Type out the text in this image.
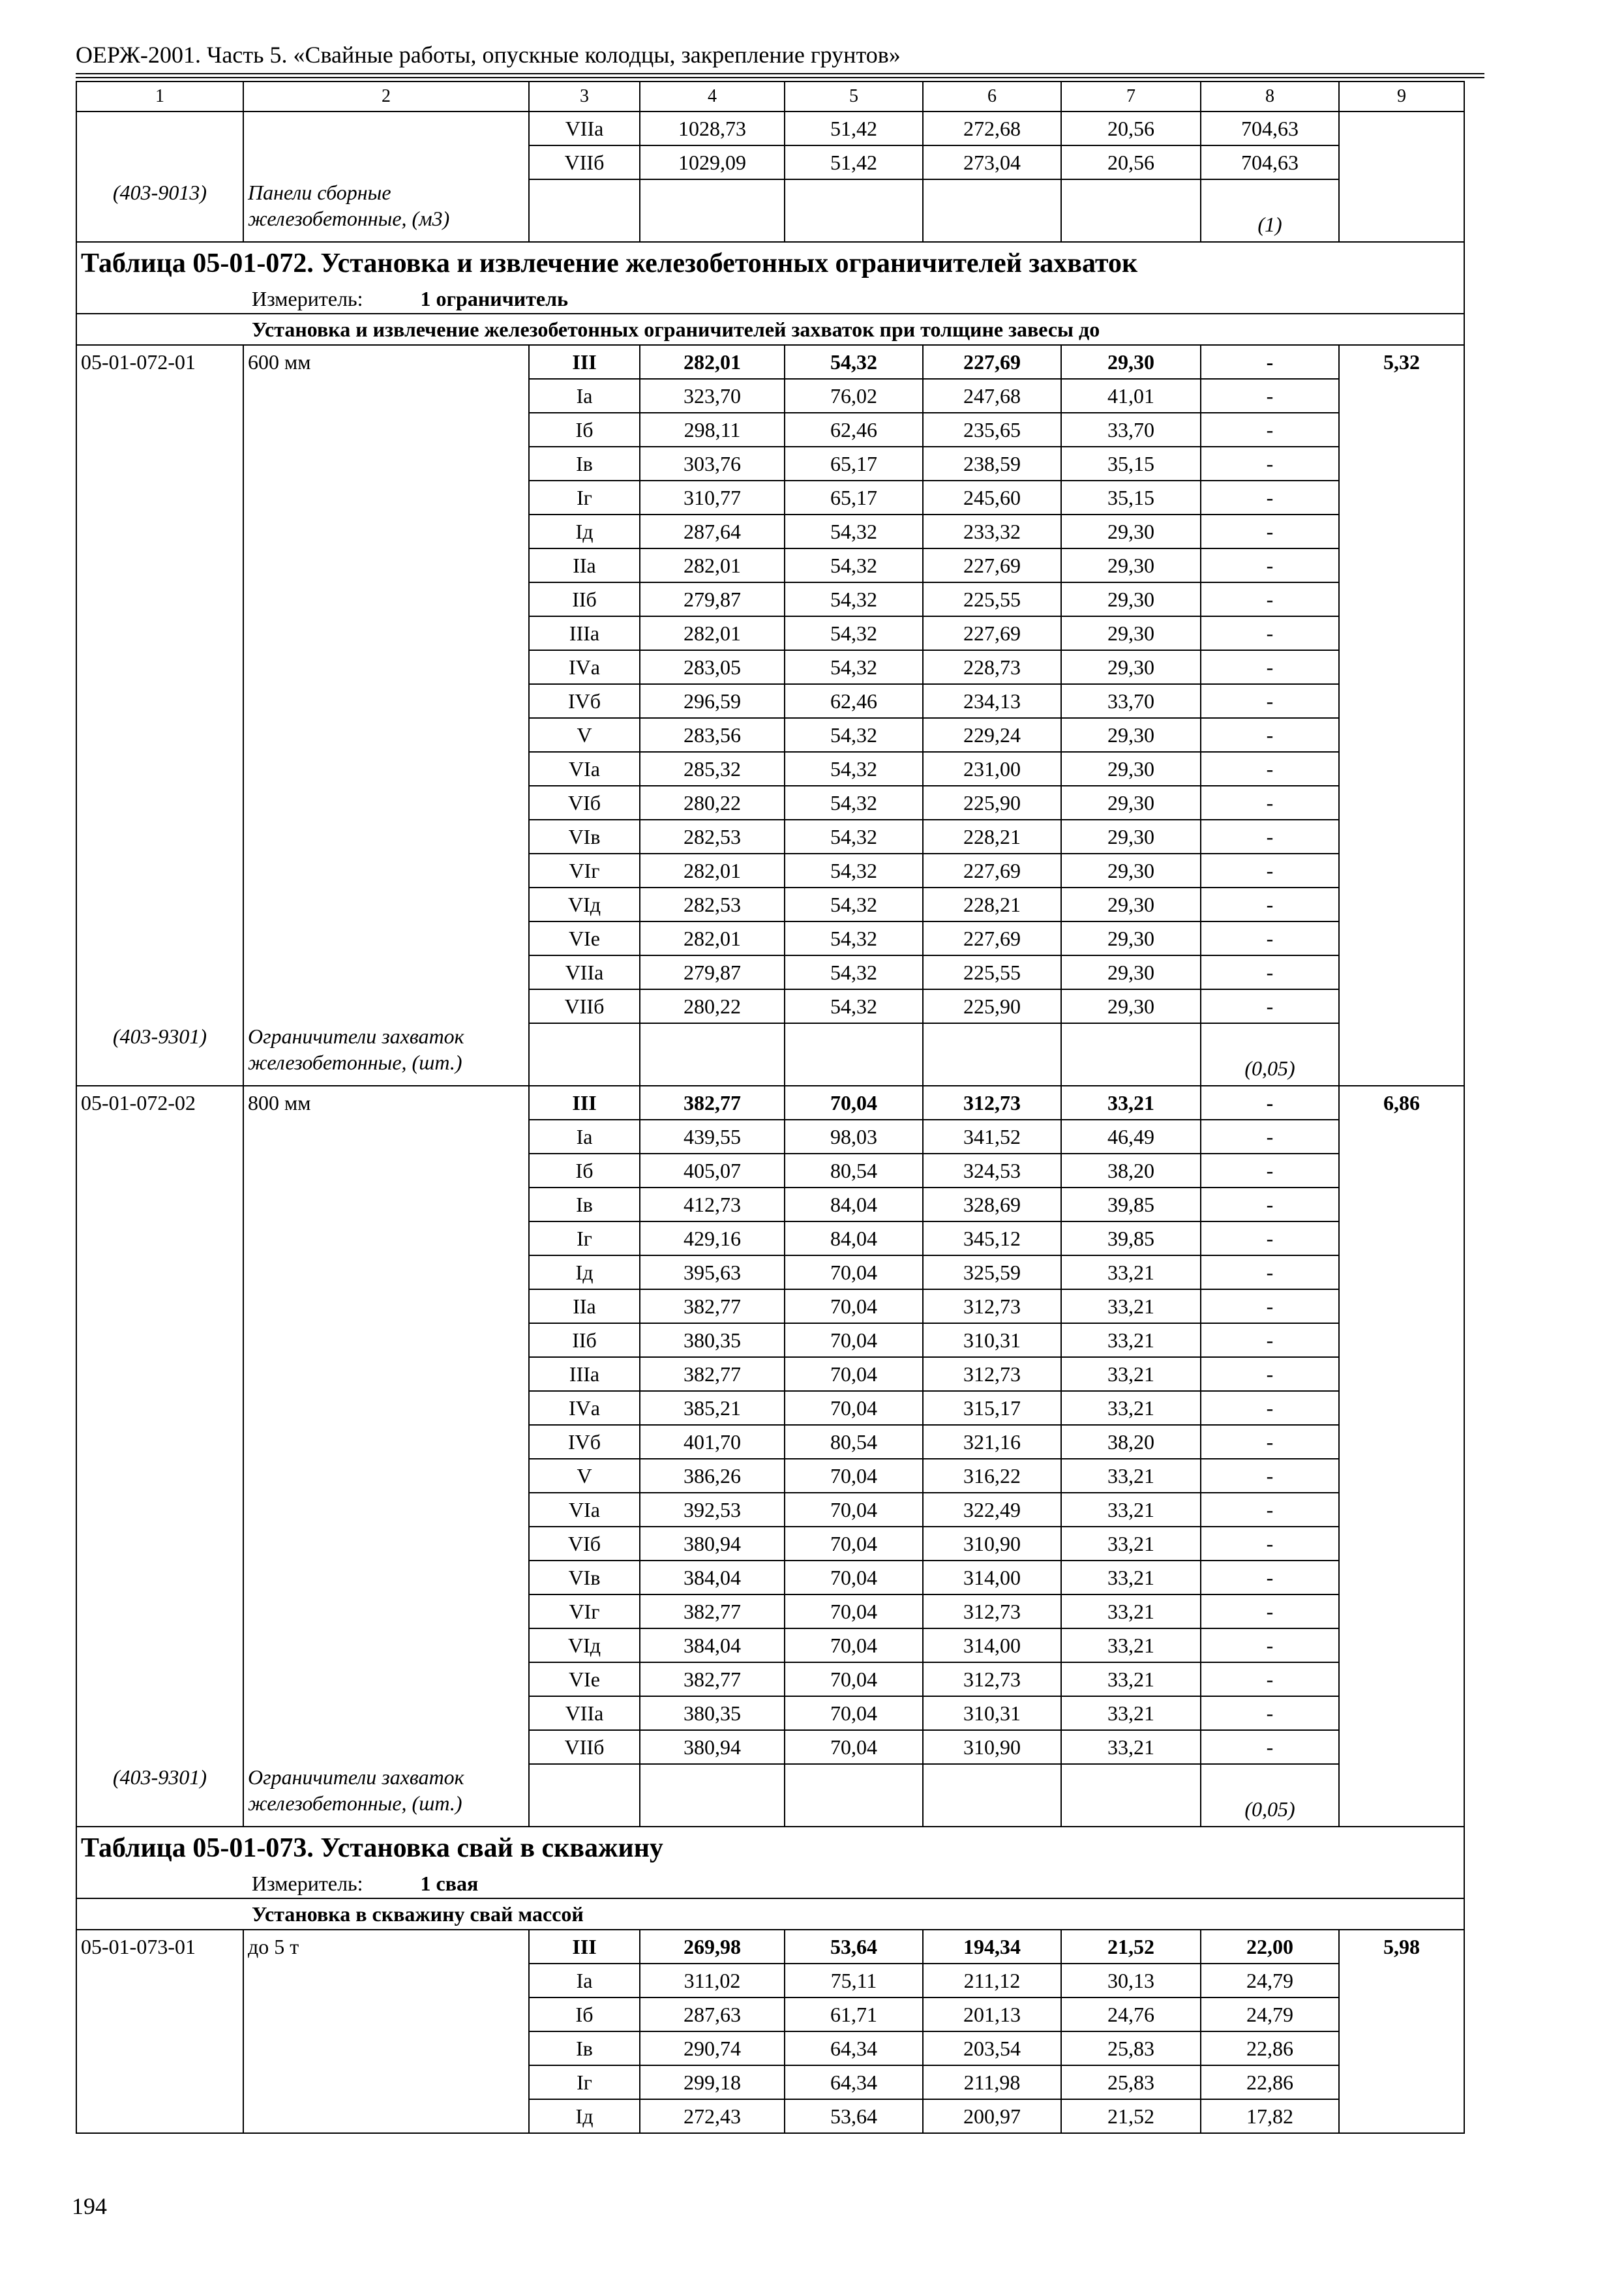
ОЕРЖ-2001. Часть 5. «Свайные работы, опускные колодцы, закрепление грунтов»
1	2	3	4	5	6	7	8	9
		VIIа	1028,73	51,42	272,68	20,56	704,63	
		VIIб	1029,09	51,42	273,04	20,56	704,63	
(403-9013)	Панели сборные железобетонные, (м3)						(1)	
Таблица 05-01-072. Установка и извлечение железобетонных ограничителей захваток								
Измеритель: 1 ограничитель								
Установка и извлечение железобетонных ограничителей захваток при толщине завесы до								
05-01-072-01	600 мм	III	282,01	54,32	227,69	29,30	-	5,32
		Iа	323,70	76,02	247,68	41,01	-	
		Iб	298,11	62,46	235,65	33,70	-	
		Iв	303,76	65,17	238,59	35,15	-	
		Iг	310,77	65,17	245,60	35,15	-	
		Iд	287,64	54,32	233,32	29,30	-	
		IIа	282,01	54,32	227,69	29,30	-	
		IIб	279,87	54,32	225,55	29,30	-	
		IIIа	282,01	54,32	227,69	29,30	-	
		IVа	283,05	54,32	228,73	29,30	-	
		IVб	296,59	62,46	234,13	33,70	-	
		V	283,56	54,32	229,24	29,30	-	
		VIа	285,32	54,32	231,00	29,30	-	
		VIб	280,22	54,32	225,90	29,30	-	
		VIв	282,53	54,32	228,21	29,30	-	
		VIг	282,01	54,32	227,69	29,30	-	
		VIд	282,53	54,32	228,21	29,30	-	
		VIе	282,01	54,32	227,69	29,30	-	
		VIIа	279,87	54,32	225,55	29,30	-	
		VIIб	280,22	54,32	225,90	29,30	-	
(403-9301)	Ограничители захваток железобетонные, (шт.)						(0,05)	
05-01-072-02	800 мм	III	382,77	70,04	312,73	33,21	-	6,86
		Iа	439,55	98,03	341,52	46,49	-	
		Iб	405,07	80,54	324,53	38,20	-	
		Iв	412,73	84,04	328,69	39,85	-	
		Iг	429,16	84,04	345,12	39,85	-	
		Iд	395,63	70,04	325,59	33,21	-	
		IIа	382,77	70,04	312,73	33,21	-	
		IIб	380,35	70,04	310,31	33,21	-	
		IIIа	382,77	70,04	312,73	33,21	-	
		IVа	385,21	70,04	315,17	33,21	-	
		IVб	401,70	80,54	321,16	38,20	-	
		V	386,26	70,04	316,22	33,21	-	
		VIа	392,53	70,04	322,49	33,21	-	
		VIб	380,94	70,04	310,90	33,21	-	
		VIв	384,04	70,04	314,00	33,21	-	
		VIг	382,77	70,04	312,73	33,21	-	
		VIд	384,04	70,04	314,00	33,21	-	
		VIе	382,77	70,04	312,73	33,21	-	
		VIIа	380,35	70,04	310,31	33,21	-	
		VIIб	380,94	70,04	310,90	33,21	-	
(403-9301)	Ограничители захваток железобетонные, (шт.)						(0,05)	
Таблица 05-01-073. Установка свай в скважину								
Измеритель: 1 свая								
Установка в скважину свай массой								
05-01-073-01	до 5 т	III	269,98	53,64	194,34	21,52	22,00	5,98
		Iа	311,02	75,11	211,12	30,13	24,79	
		Iб	287,63	61,71	201,13	24,76	24,79	
		Iв	290,74	64,34	203,54	25,83	22,86	
		Iг	299,18	64,34	211,98	25,83	22,86	
		Iд	272,43	53,64	200,97	21,52	17,82	
194
